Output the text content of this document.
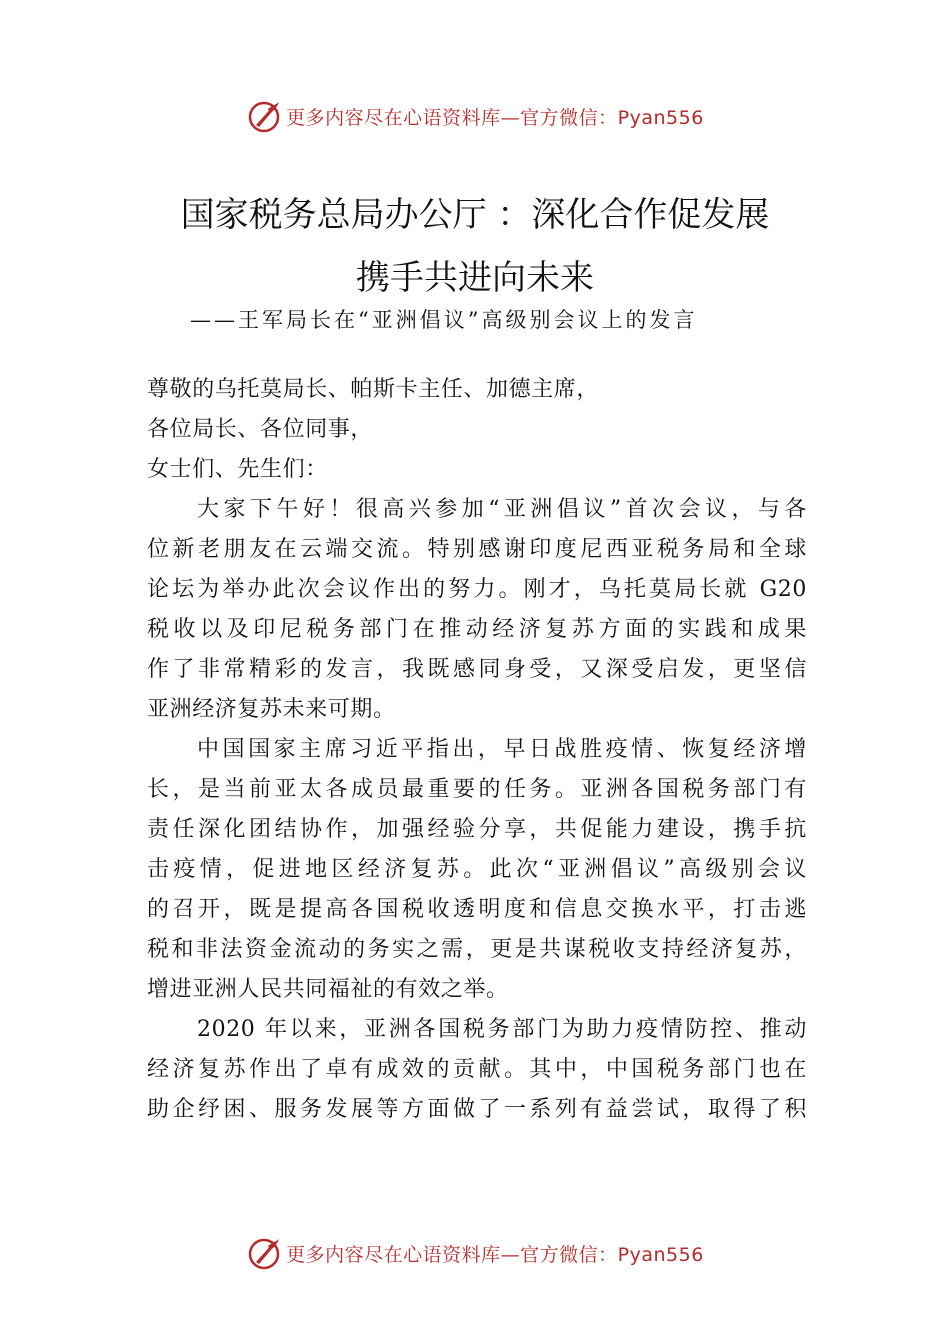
更多内容尽在心语资料库—官方微信：Pyan556
国家税务总局办公厅 ：深化合作促发展
携手共进向未来

——王军局长在“亚洲倡议”高级别会议上的发言

尊敬的乌托莫局长、帕斯卡主任、加德主席，

各位局长、各位同事，

女士们、先生们：

大家下午好！很高兴参加“亚洲倡议”首次会议，与各

位新老朋友在云端交流。特别感谢印度尼西亚税务局和全球

论坛为举办此次会议作出的努力。刚才，乌托莫局长就 G20

税收以及印尼税务部门在推动经济复苏方面的实践和成果

作了非常精彩的发言，我既感同身受，又深受启发，更坚信

亚洲经济复苏未来可期。

中国国家主席习近平指出，早日战胜疫情、恢复经济增

长，是当前亚太各成员最重要的任务。亚洲各国税务部门有

责任深化团结协作，加强经验分享，共促能力建设，携手抗

击疫情，促进地区经济复苏。此次“亚洲倡议”高级别会议

的召开，既是提高各国税收透明度和信息交换水平，打击逃

税和非法资金流动的务实之需，更是共谋税收支持经济复苏，

增进亚洲人民共同福祉的有效之举。

2020 年以来，亚洲各国税务部门为助力疫情防控、推动

经济复苏作出了卓有成效的贡献。其中，中国税务部门也在

助企纾困、服务发展等方面做了一系列有益尝试，取得了积

更多内容尽在心语资料库—官方微信：Pyan556
